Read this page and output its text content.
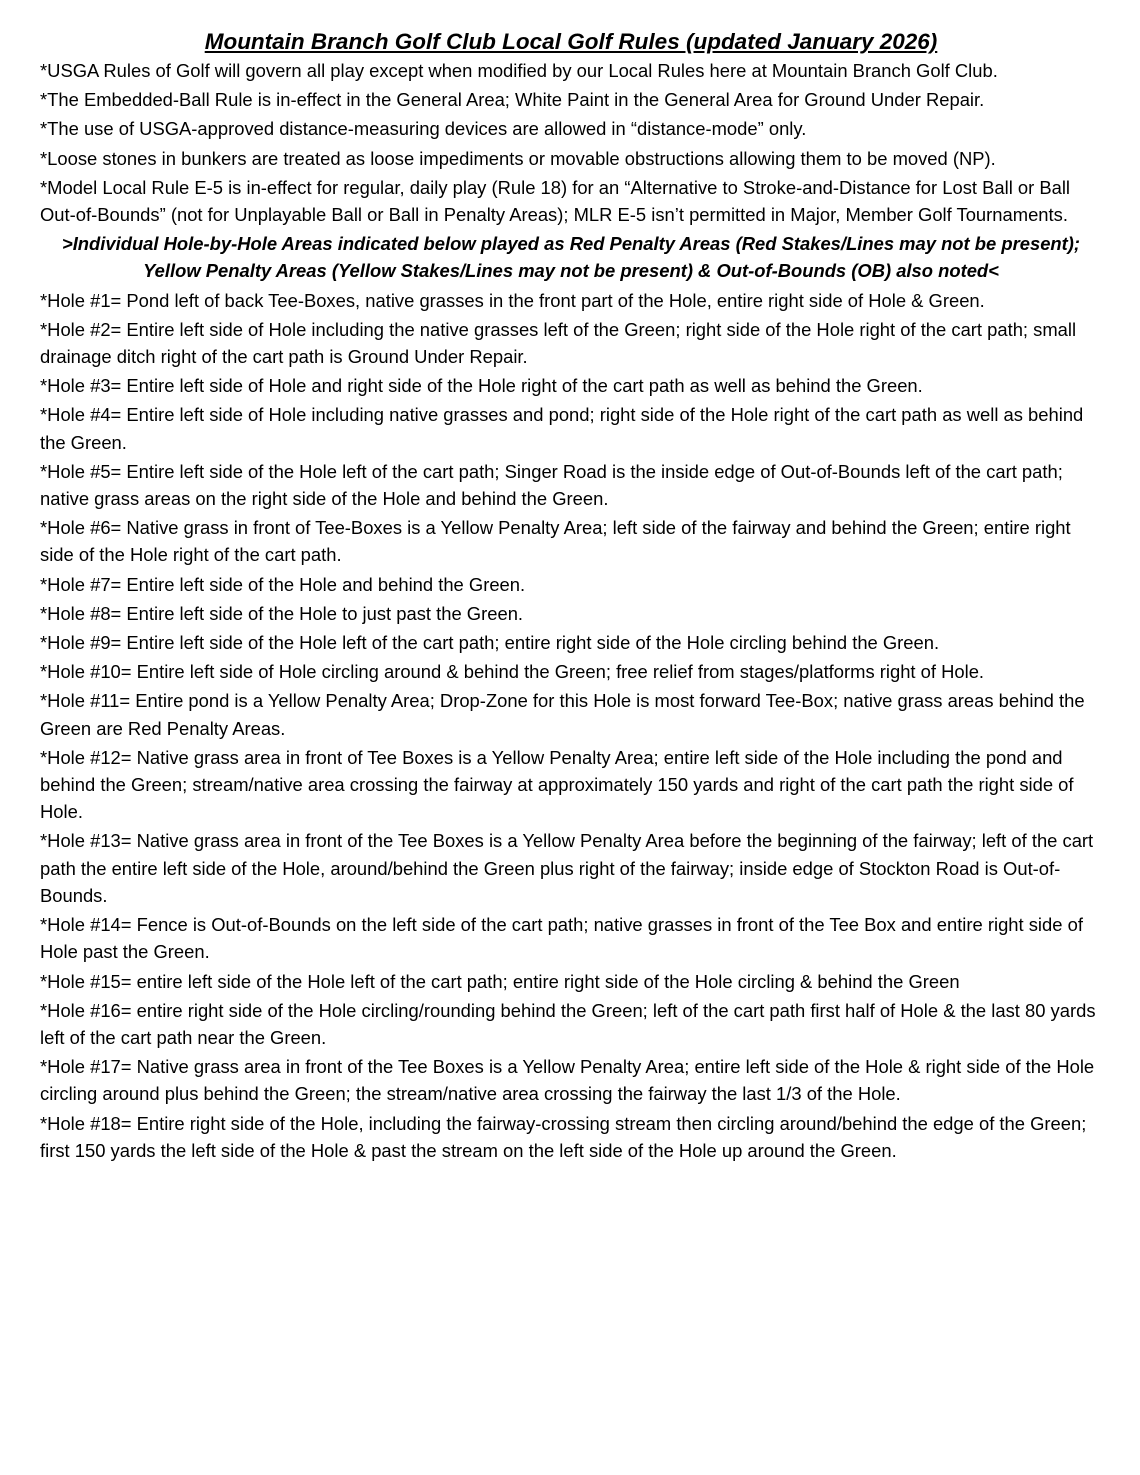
Mountain Branch Golf Club Local Golf Rules (updated January 2026)
*USGA Rules of Golf will govern all play except when modified by our Local Rules here at Mountain Branch Golf Club.
*The Embedded-Ball Rule is in-effect in the General Area; White Paint in the General Area for Ground Under Repair.
*The use of USGA-approved distance-measuring devices are allowed in “distance-mode” only.
*Loose stones in bunkers are treated as loose impediments or movable obstructions allowing them to be moved (NP).
*Model Local Rule E-5 is in-effect for regular, daily play (Rule 18) for an “Alternative to Stroke-and-Distance for Lost Ball or Ball Out-of-Bounds” (not for Unplayable Ball or Ball in Penalty Areas); MLR E-5 isn’t permitted in Major, Member Golf Tournaments.
>Individual Hole-by-Hole Areas indicated below played as Red Penalty Areas (Red Stakes/Lines may not be present); Yellow Penalty Areas (Yellow Stakes/Lines may not be present) & Out-of-Bounds (OB) also noted<
*Hole #1= Pond left of back Tee-Boxes, native grasses in the front part of the Hole, entire right side of Hole & Green.
*Hole #2= Entire left side of Hole including the native grasses left of the Green; right side of the Hole right of the cart path; small drainage ditch right of the cart path is Ground Under Repair.
*Hole #3= Entire left side of Hole and right side of the Hole right of the cart path as well as behind the Green.
*Hole #4= Entire left side of Hole including native grasses and pond; right side of the Hole right of the cart path as well as behind the Green.
*Hole #5= Entire left side of the Hole left of the cart path; Singer Road is the inside edge of Out-of-Bounds left of the cart path; native grass areas on the right side of the Hole and behind the Green.
*Hole #6= Native grass in front of Tee-Boxes is a Yellow Penalty Area; left side of the fairway and behind the Green; entire right side of the Hole right of the cart path.
*Hole #7= Entire left side of the Hole and behind the Green.
*Hole #8= Entire left side of the Hole to just past the Green.
*Hole #9= Entire left side of the Hole left of the cart path; entire right side of the Hole circling behind the Green.
*Hole #10= Entire left side of Hole circling around & behind the Green; free relief from stages/platforms right of Hole.
*Hole #11= Entire pond is a Yellow Penalty Area; Drop-Zone for this Hole is most forward Tee-Box; native grass areas behind the Green are Red Penalty Areas.
*Hole #12= Native grass area in front of Tee Boxes is a Yellow Penalty Area; entire left side of the Hole including the pond and behind the Green; stream/native area crossing the fairway at approximately 150 yards and right of the cart path the right side of Hole.
*Hole #13= Native grass area in front of the Tee Boxes is a Yellow Penalty Area before the beginning of the fairway; left of the cart path the entire left side of the Hole, around/behind the Green plus right of the fairway; inside edge of Stockton Road is Out-of-Bounds.
*Hole #14= Fence is Out-of-Bounds on the left side of the cart path; native grasses in front of the Tee Box and entire right side of Hole past the Green.
*Hole #15= entire left side of the Hole left of the cart path; entire right side of the Hole circling & behind the Green
*Hole #16= entire right side of the Hole circling/rounding behind the Green; left of the cart path first half of Hole & the last 80 yards left of the cart path near the Green.
*Hole #17= Native grass area in front of the Tee Boxes is a Yellow Penalty Area; entire left side of the Hole & right side of the Hole circling around plus behind the Green; the stream/native area crossing the fairway the last 1/3 of the Hole.
*Hole #18= Entire right side of the Hole, including the fairway-crossing stream then circling around/behind the edge of the Green; first 150 yards the left side of the Hole & past the stream on the left side of the Hole up around the Green.
